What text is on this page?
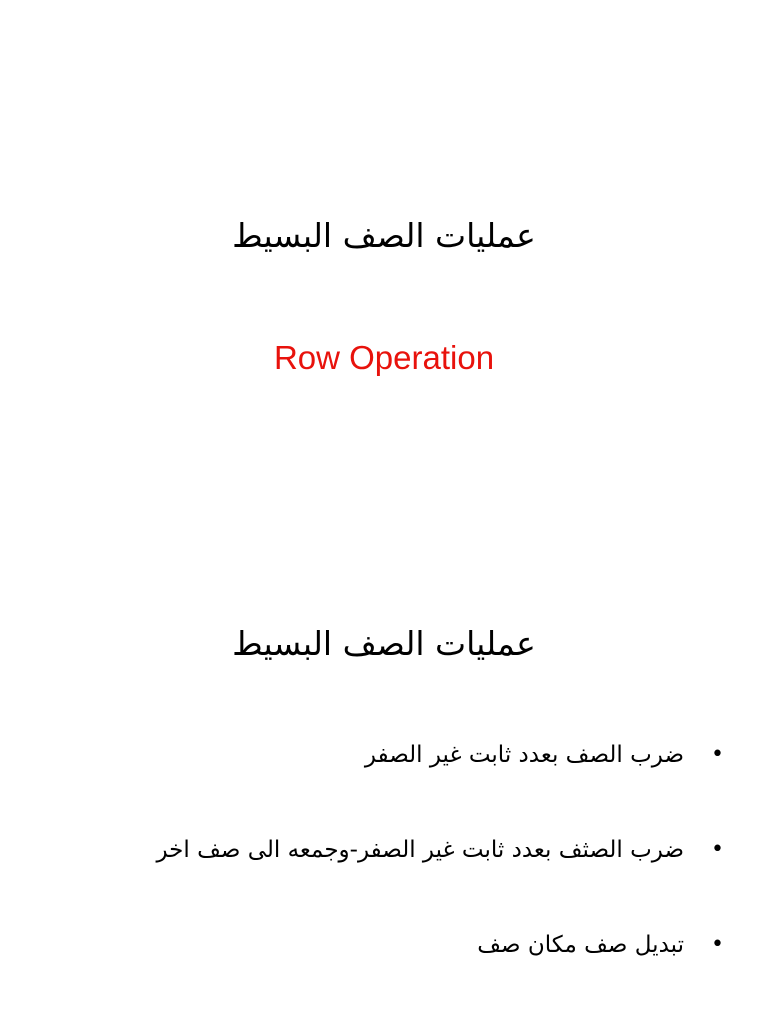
عمليات الصف البسيط
Row Operation
عمليات الصف البسيط
•
ضرب الصف بعدد ثابت غير الصفر
•
ضرب الصثف بعدد ثابت غير الصفر-وجمعه الى صف اخر
•
تبديل صف مكان صف
